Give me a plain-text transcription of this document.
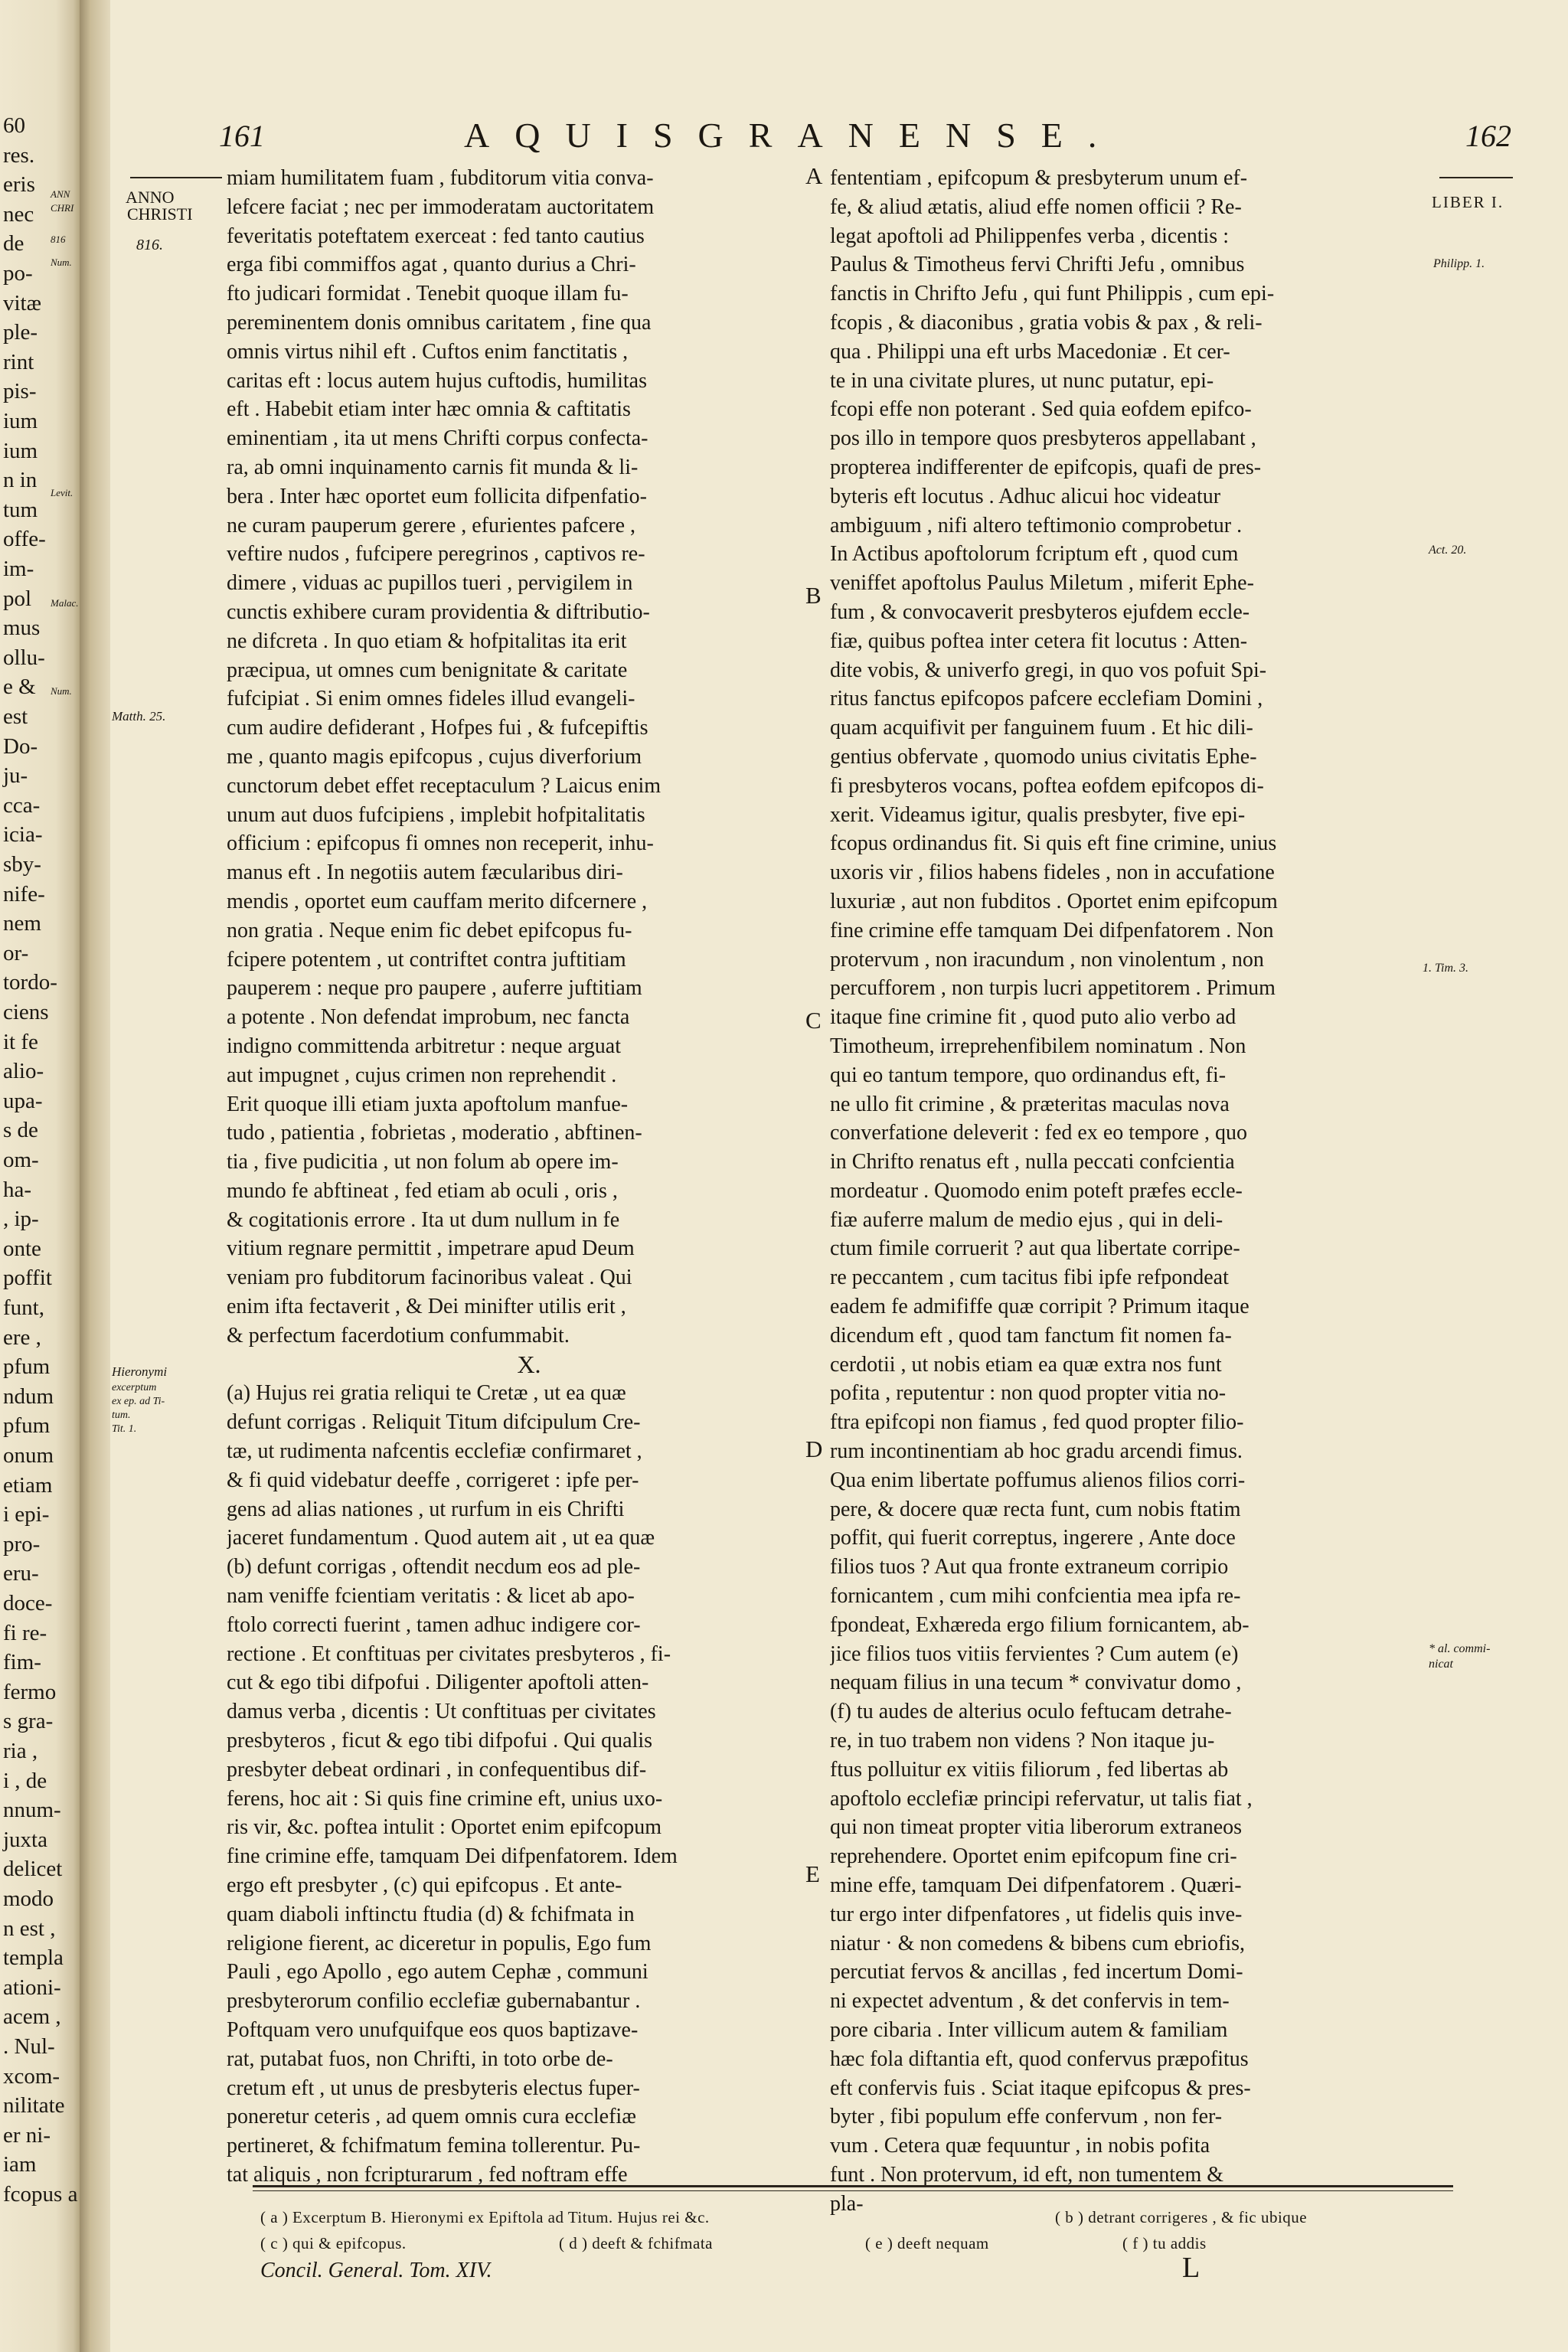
60
res.
eris
nec
de
po-
vitæ
ple-
rint
pis-
ium
ium
n in
tum
offe-
im-
pol
mus
ollu-
e &
est
Do-
ju-
cca-
icia-
sby-
nife-
nem
or-
tordo-
ciens
it fe
alio-
upa-
s de
om-
ha-
, ip-
onte
poffit
funt,
ere ,
pfum
ndum
pfum
onum
etiam
i epi-
pro-
eru-
doce-
fi re-
fim-
fermo
s gra-
ria ,
i , de
nnum-
juxta
delicet
modo
n est ,
templa
ationi-
acem ,
. Nul-
xcom-
nilitate
er ni-
iam
fcopus a
ANN
CHRI
816
Num.
Levit.
Malac.
Num.
161	AQUISGRANENSE.	162
ANNO
CHRISTI
816.
Matth. 25.
Hieronymi
excerptum
ex ep. ad Ti-
tum.
Tit. 1.
LIBER I.
Philipp. 1.
Act. 20.
1. Tim. 3.
* al. commi-
nicat
A
B
C
D
E
miam humilitatem fuam , fubditorum vitia conva-
lefcere faciat ; nec per immoderatam auctoritatem
feveritatis poteftatem exerceat : fed tanto cautius
erga fibi commiffos agat , quanto durius a Chri-
fto judicari formidat . Tenebit quoque illam fu-
pereminentem donis omnibus caritatem , fine qua
omnis virtus nihil eft . Cuftos enim fanctitatis ,
caritas eft : locus autem hujus cuftodis, humilitas
eft . Habebit etiam inter hæc omnia & caftitatis
eminentiam , ita ut mens Chrifti corpus confecta-
ra, ab omni inquinamento carnis fit munda & li-
bera . Inter hæc oportet eum follicita difpenfatio-
ne curam pauperum gerere , efurientes pafcere ,
veftire nudos , fufcipere peregrinos , captivos re-
dimere , viduas ac pupillos tueri , pervigilem in
cunctis exhibere curam providentia & diftributio-
ne difcreta . In quo etiam & hofpitalitas ita erit
præcipua, ut omnes cum benignitate & caritate
fufcipiat . Si enim omnes fideles illud evangeli-
cum audire defiderant , Hofpes fui , & fufcepiftis
me , quanto magis epifcopus , cujus diverforium
cunctorum debet effet receptaculum ? Laicus enim
unum aut duos fufcipiens , implebit hofpitalitatis
officium : epifcopus fi omnes non receperit, inhu-
manus eft . In negotiis autem fæcularibus diri-
mendis , oportet eum cauffam merito difcernere ,
non gratia . Neque enim fic debet epifcopus fu-
fcipere potentem , ut contriftet contra juftitiam
pauperem : neque pro paupere , auferre juftitiam
a potente . Non defendat improbum, nec fancta
indigno committenda arbitretur : neque arguat
aut impugnet , cujus crimen non reprehendit .
Erit quoque illi etiam juxta apoftolum manfue-
tudo , patientia , fobrietas , moderatio , abftinen-
tia , five pudicitia , ut non folum ab opere im-
mundo fe abftineat , fed etiam ab oculi , oris ,
& cogitationis errore . Ita ut dum nullum in fe
vitium regnare permittit , impetrare apud Deum
veniam pro fubditorum facinoribus valeat . Qui
enim ifta fectaverit , & Dei minifter utilis erit ,
& perfectum facerdotium confummabit.
X.
(a) Hujus rei gratia reliqui te Cretæ , ut ea quæ
defunt corrigas . Reliquit Titum difcipulum Cre-
tæ, ut rudimenta nafcentis ecclefiæ confirmaret ,
& fi quid videbatur deeffe , corrigeret : ipfe per-
gens ad alias nationes , ut rurfum in eis Chrifti
jaceret fundamentum . Quod autem ait , ut ea quæ
(b) defunt corrigas , oftendit necdum eos ad ple-
nam veniffe fcientiam veritatis : & licet ab apo-
ftolo correcti fuerint , tamen adhuc indigere cor-
rectione . Et conftituas per civitates presbyteros , fi-
cut & ego tibi difpofui . Diligenter apoftoli atten-
damus verba , dicentis : Ut conftituas per civitates
presbyteros , ficut & ego tibi difpofui . Qui qualis
presbyter debeat ordinari , in confequentibus dif-
ferens, hoc ait : Si quis fine crimine eft, unius uxo-
ris vir, &c. poftea intulit : Oportet enim epifcopum
fine crimine effe, tamquam Dei difpenfatorem. Idem
ergo eft presbyter , (c) qui epifcopus . Et ante-
quam diaboli inftinctu ftudia (d) & fchifmata in
religione fierent, ac diceretur in populis, Ego fum
Pauli , ego Apollo , ego autem Cephæ , communi
presbyterorum confilio ecclefiæ gubernabantur .
Poftquam vero unufquifque eos quos baptizave-
rat, putabat fuos, non Chrifti, in toto orbe de-
cretum eft , ut unus de presbyteris electus fuper-
poneretur ceteris , ad quem omnis cura ecclefiæ
pertineret, & fchifmatum femina tollerentur. Pu-
tat aliquis , non fcripturarum , fed noftram effe
fententiam , epifcopum & presbyterum unum ef-
fe, & aliud ætatis, aliud effe nomen officii ? Re-
legat apoftoli ad Philippenfes verba , dicentis :
Paulus & Timotheus fervi Chrifti Jefu , omnibus
fanctis in Chrifto Jefu , qui funt Philippis , cum epi-
fcopis , & diaconibus , gratia vobis & pax , & reli-
qua . Philippi una eft urbs Macedoniæ . Et cer-
te in una civitate plures, ut nunc putatur, epi-
fcopi effe non poterant . Sed quia eofdem epifco-
pos illo in tempore quos presbyteros appellabant ,
propterea indifferenter de epifcopis, quafi de pres-
byteris eft locutus . Adhuc alicui hoc videatur
ambiguum , nifi altero teftimonio comprobetur .
In Actibus apoftolorum fcriptum eft , quod cum
veniffet apoftolus Paulus Miletum , miferit Ephe-
fum , & convocaverit presbyteros ejufdem eccle-
fiæ, quibus poftea inter cetera fit locutus : Atten-
dite vobis, & univerfo gregi, in quo vos pofuit Spi-
ritus fanctus epifcopos pafcere ecclefiam Domini ,
quam acquifivit per fanguinem fuum . Et hic dili-
gentius obfervate , quomodo unius civitatis Ephe-
fi presbyteros vocans, poftea eofdem epifcopos di-
xerit. Videamus igitur, qualis presbyter, five epi-
fcopus ordinandus fit. Si quis eft fine crimine, unius
uxoris vir , filios habens fideles , non in accufatione
luxuriæ , aut non fubditos . Oportet enim epifcopum
fine crimine effe tamquam Dei difpenfatorem . Non
protervum , non iracundum , non vinolentum , non
percufforem , non turpis lucri appetitorem . Primum
itaque fine crimine fit , quod puto alio verbo ad
Timotheum, irreprehenfibilem nominatum . Non
qui eo tantum tempore, quo ordinandus eft, fi-
ne ullo fit crimine , & præteritas maculas nova
converfatione deleverit : fed ex eo tempore , quo
in Chrifto renatus eft , nulla peccati confcientia
mordeatur . Quomodo enim poteft præfes eccle-
fiæ auferre malum de medio ejus , qui in deli-
ctum fimile corruerit ? aut qua libertate corripe-
re peccantem , cum tacitus fibi ipfe refpondeat
eadem fe admififfe quæ corripit ? Primum itaque
dicendum eft , quod tam fanctum fit nomen fa-
cerdotii , ut nobis etiam ea quæ extra nos funt
pofita , reputentur : non quod propter vitia no-
ftra epifcopi non fiamus , fed quod propter filio-
rum incontinentiam ab hoc gradu arcendi fimus.
Qua enim libertate poffumus alienos filios corri-
pere, & docere quæ recta funt, cum nobis ftatim
poffit, qui fuerit correptus, ingerere , Ante doce
filios tuos ? Aut qua fronte extraneum corripio
fornicantem , cum mihi confcientia mea ipfa re-
fpondeat, Exhæreda ergo filium fornicantem, ab-
jice filios tuos vitiis fervientes ? Cum autem (e)
nequam filius in una tecum * convivatur domo ,
(f) tu audes de alterius oculo feftucam detrahe-
re, in tuo trabem non videns ? Non itaque ju-
ftus polluitur ex vitiis filiorum , fed libertas ab
apoftolo ecclefiæ principi refervatur, ut talis fiat ,
qui non timeat propter vitia liberorum extraneos
reprehendere. Oportet enim epifcopum fine cri-
mine effe, tamquam Dei difpenfatorem . Quæri-
tur ergo inter difpenfatores , ut fidelis quis inve-
niatur · & non comedens & bibens cum ebriofis,
percutiat fervos & ancillas , fed incertum Domi-
ni expectet adventum , & det confervis in tem-
pore cibaria . Inter villicum autem & familiam
hæc fola diftantia eft, quod confervus præpofitus
eft confervis fuis . Sciat itaque epifcopus & pres-
byter , fibi populum effe confervum , non fer-
vum . Cetera quæ fequuntur , in nobis pofita
funt . Non protervum, id eft, non tumentem &
pla-
( a ) Excerptum B. Hieronymi ex Epiftola ad Titum. Hujus rei &c.	( b ) detrant corrigeres , & fic ubique
( c ) qui & epifcopus.	( d ) deeft & fchifmata	( e ) deeft nequam	( f ) tu addis
Concil. General. Tom. XIV.	L
